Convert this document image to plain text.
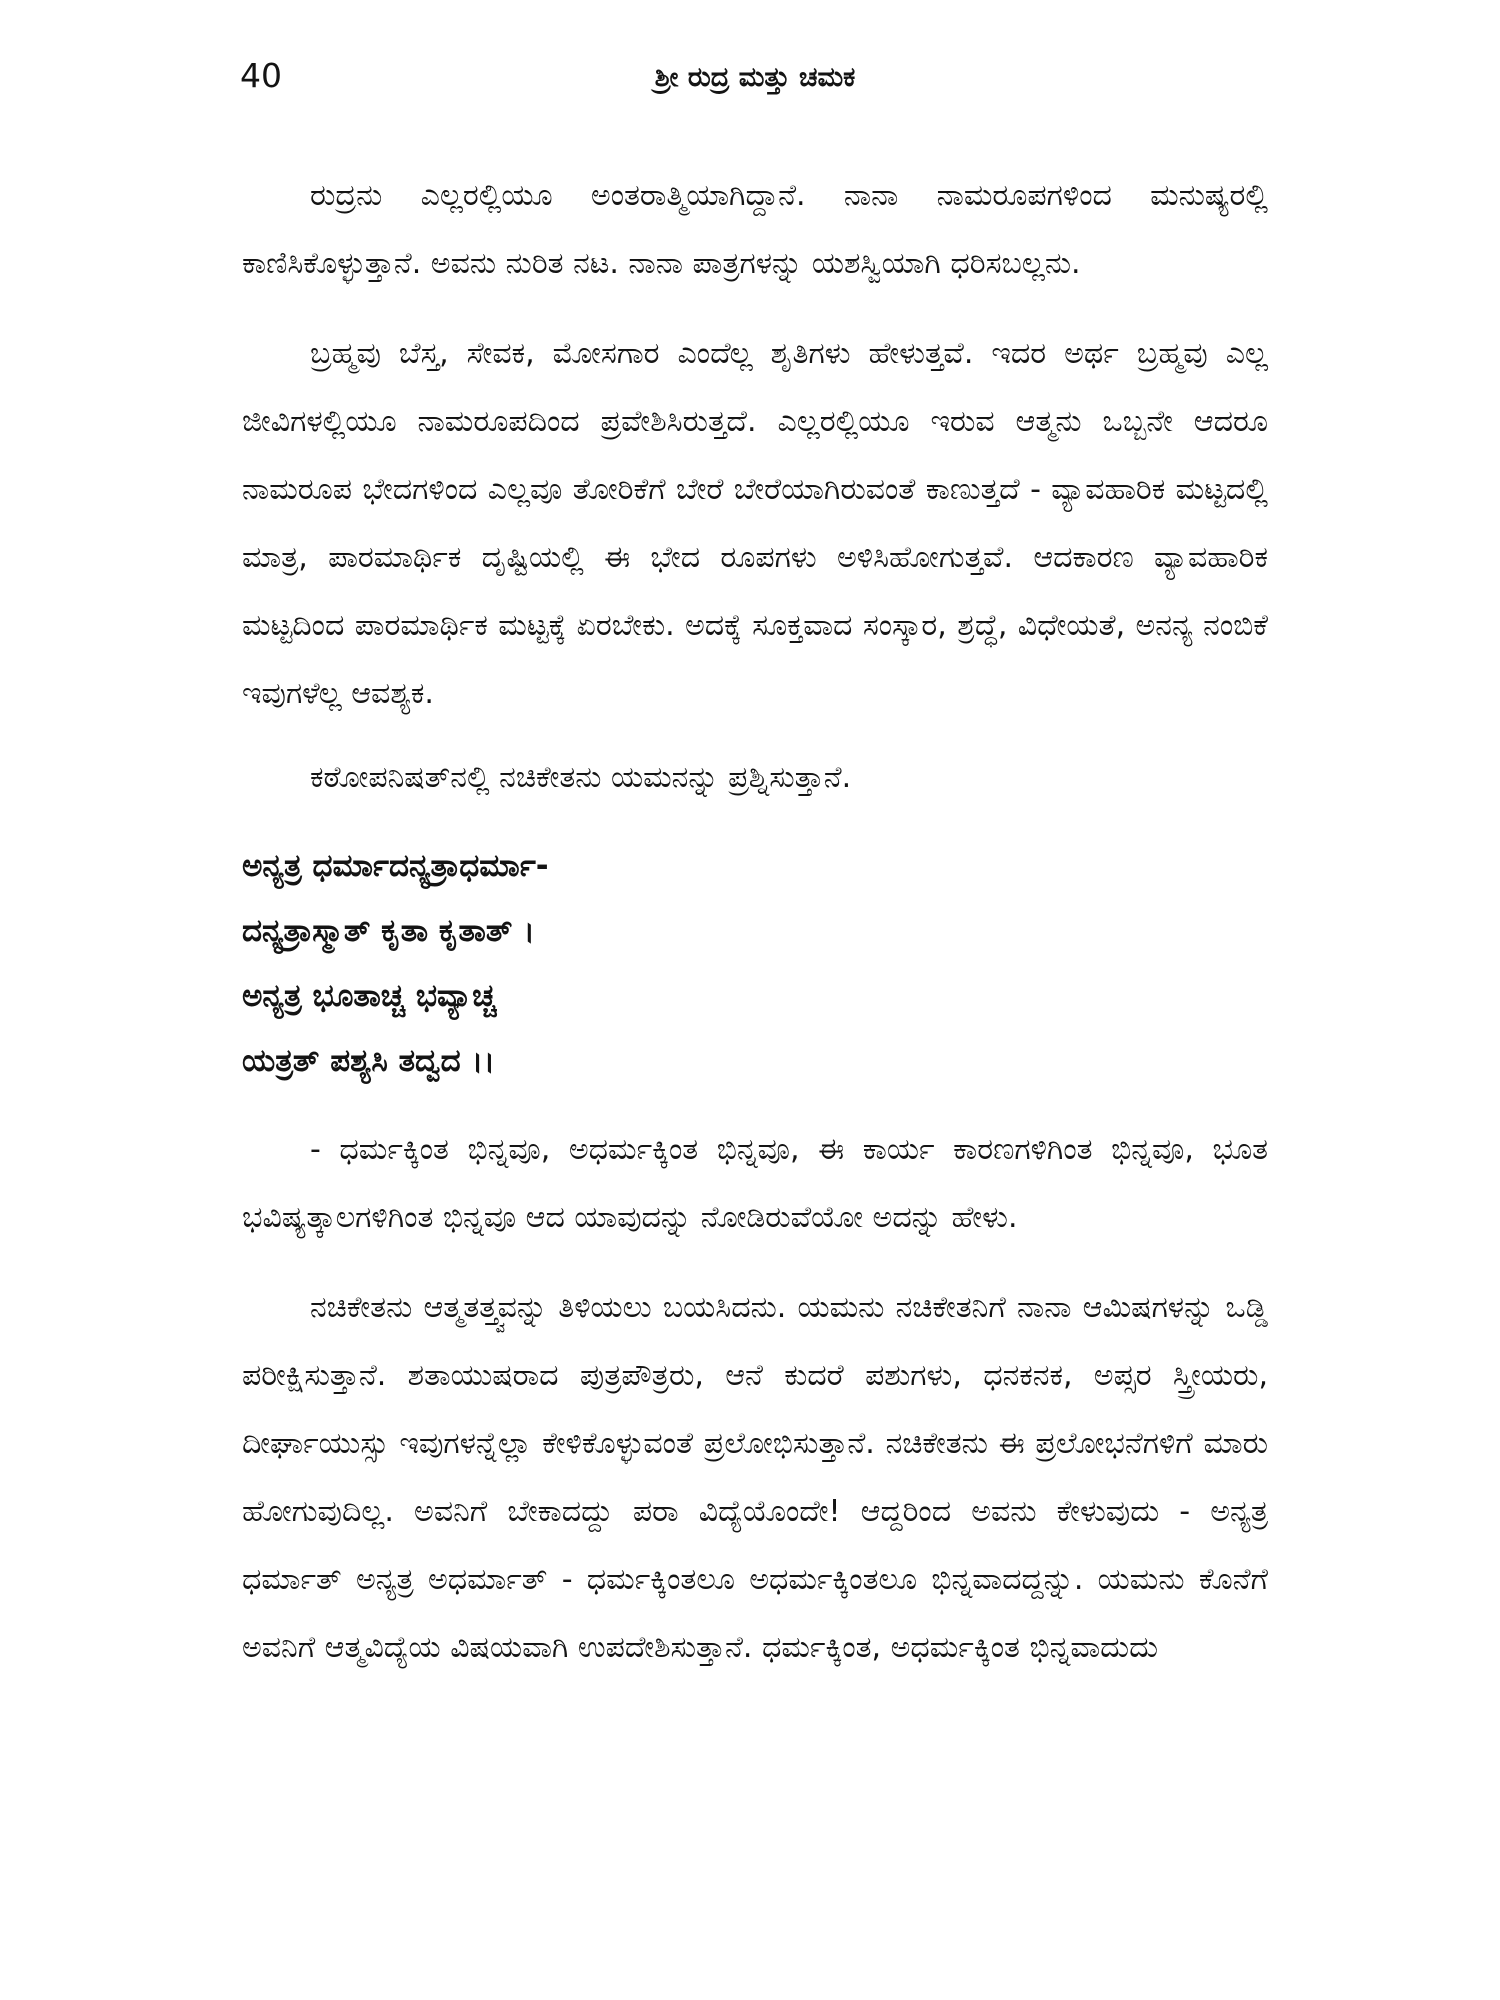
40	ಶ್ರೀ ರುದ್ರ ಮತ್ತು ಚಮಕ

ರುದ್ರನು ಎಲ್ಲರಲ್ಲಿಯೂ ಅಂತರಾತ್ಮಿಯಾಗಿದ್ದಾನೆ. ನಾನಾ ನಾಮರೂಪಗಳಿಂದ ಮನುಷ್ಯರಲ್ಲಿ ಕಾಣಿಸಿಕೊಳ್ಳುತ್ತಾನೆ. ಅವನು ನುರಿತ ನಟ. ನಾನಾ ಪಾತ್ರಗಳನ್ನು ಯಶಸ್ವಿಯಾಗಿ ಧರಿಸಬಲ್ಲನು.

ಬ್ರಹ್ಮವು ಬೆಸ್ತ, ಸೇವಕ, ಮೋಸಗಾರ ಎಂದೆಲ್ಲ ಶೃತಿಗಳು ಹೇಳುತ್ತವೆ. ಇದರ ಅರ್ಥ ಬ್ರಹ್ಮವು ಎಲ್ಲ ಜೀವಿಗಳಲ್ಲಿಯೂ ನಾಮರೂಪದಿಂದ ಪ್ರವೇಶಿಸಿರುತ್ತದೆ. ಎಲ್ಲರಲ್ಲಿಯೂ ಇರುವ ಆತ್ಮನು ಒಬ್ಬನೇ ಆದರೂ ನಾಮರೂಪ ಭೇದಗಳಿಂದ ಎಲ್ಲವೂ ತೋರಿಕೆಗೆ ಬೇರೆ ಬೇರೆಯಾಗಿರುವಂತೆ ಕಾಣುತ್ತದೆ - ವ್ಯಾವಹಾರಿಕ ಮಟ್ಟದಲ್ಲಿ ಮಾತ್ರ, ಪಾರಮಾರ್ಥಿಕ ದೃಷ್ಟಿಯಲ್ಲಿ ಈ ಭೇದ ರೂಪಗಳು ಅಳಿಸಿಹೋಗುತ್ತವೆ. ಆದಕಾರಣ ವ್ಯಾವಹಾರಿಕ ಮಟ್ಟದಿಂದ ಪಾರಮಾರ್ಥಿಕ ಮಟ್ಟಕ್ಕೆ ಏರಬೇಕು. ಅದಕ್ಕೆ ಸೂಕ್ತವಾದ ಸಂಸ್ಕಾರ, ಶ್ರದ್ಧೆ, ವಿಧೇಯತೆ, ಅನನ್ಯ ನಂಬಿಕೆ ಇವುಗಳೆಲ್ಲ ಆವಶ್ಯಕ.

ಕಠೋಪನಿಷತ್‌ನಲ್ಲಿ ನಚಿಕೇತನು ಯಮನನ್ನು ಪ್ರಶ್ನಿಸುತ್ತಾನೆ.

ಅನ್ಯತ್ರ ಧರ್ಮಾದನ್ಯತ್ರಾಧರ್ಮಾ-
ದನ್ಯತ್ರಾಸ್ಮಾತ್ ಕೃತಾ ಕೃತಾತ್ ।
ಅನ್ಯತ್ರ ಭೂತಾಚ್ಚ ಭವ್ಯಾಚ್ಚ
ಯತ್ರತ್ ಪಶ್ಯಸಿ ತದ್ವದ ।।

- ಧರ್ಮಕ್ಕಿಂತ ಭಿನ್ನವೂ, ಅಧರ್ಮಕ್ಕಿಂತ ಭಿನ್ನವೂ, ಈ ಕಾರ್ಯ ಕಾರಣಗಳಿಗಿಂತ ಭಿನ್ನವೂ, ಭೂತ ಭವಿಷ್ಯತ್ಕಾಲಗಳಿಗಿಂತ ಭಿನ್ನವೂ ಆದ ಯಾವುದನ್ನು ನೋಡಿರುವೆಯೋ ಅದನ್ನು ಹೇಳು.

ನಚಿಕೇತನು ಆತ್ಮತತ್ತ್ವವನ್ನು ತಿಳಿಯಲು ಬಯಸಿದನು. ಯಮನು ನಚಿಕೇತನಿಗೆ ನಾನಾ ಆಮಿಷಗಳನ್ನು ಒಡ್ಡಿ ಪರೀಕ್ಷಿಸುತ್ತಾನೆ. ಶತಾಯುಷರಾದ ಪುತ್ರಪೌತ್ರರು, ಆನೆ ಕುದರೆ ಪಶುಗಳು, ಧನಕನಕ, ಅಪ್ಸರ ಸ್ತ್ರೀಯರು, ದೀರ್ಘಾಯುಸ್ಸು ಇವುಗಳನ್ನೆಲ್ಲಾ ಕೇಳಿಕೊಳ್ಳುವಂತೆ ಪ್ರಲೋಭಿಸುತ್ತಾನೆ. ನಚಿಕೇತನು ಈ ಪ್ರಲೋಭನೆಗಳಿಗೆ ಮಾರು ಹೋಗುವುದಿಲ್ಲ. ಅವನಿಗೆ ಬೇಕಾದದ್ದು ಪರಾ ವಿದ್ಯೆಯೊಂದೇ! ಆದ್ದರಿಂದ ಅವನು ಕೇಳುವುದು - ಅನ್ಯತ್ರ ಧರ್ಮಾತ್ ಅನ್ಯತ್ರ ಅಧರ್ಮಾತ್ - ಧರ್ಮಕ್ಕಿಂತಲೂ ಅಧರ್ಮಕ್ಕಿಂತಲೂ ಭಿನ್ನವಾದದ್ದನ್ನು. ಯಮನು ಕೊನೆಗೆ ಅವನಿಗೆ ಆತ್ಮವಿದ್ಯೆಯ ವಿಷಯವಾಗಿ ಉಪದೇಶಿಸುತ್ತಾನೆ. ಧರ್ಮಕ್ಕಿಂತ, ಅಧರ್ಮಕ್ಕಿಂತ ಭಿನ್ನವಾದುದು
